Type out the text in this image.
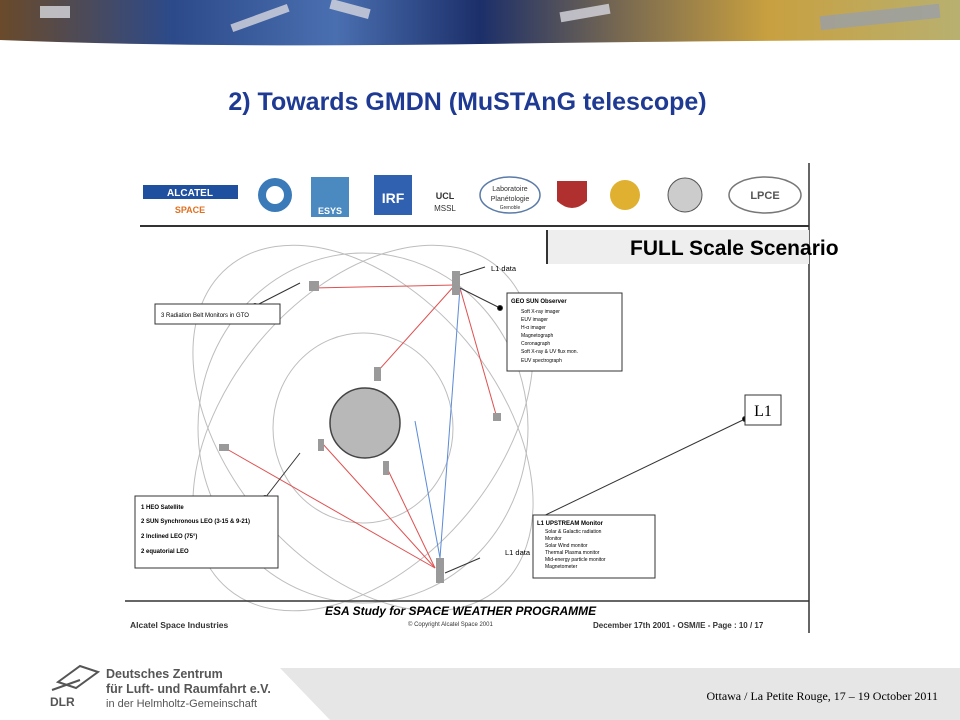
2) Towards GMDN (MuSTAnG telescope)
ALCATEL
SPACE	ESYS
IRF	UCL
MSSL
Laboratoire
Planétologie
Grenoble
LPCE
FULL Scale Scenario
L1 data
L1 data
L1
3 Radiation Belt Monitors in GTO
GEO SUN Observer
Soft X-ray imager
EUV imager
H-α imager
Magnetograph
Coronagraph
Soft X-ray & UV flux mon.
EUV spectrograph
1 HEO Satellite
2 SUN Synchronous LEO (3-15 & 9-21)
2 Inclined LEO (75°)
2 equatorial LEO
L1 UPSTREAM Monitor
Solar & Galactic radiation
Monitor
Solar Wind monitor
Thermal Plasma monitor
Mid-energy particle monitor
Magnetometer
ESA Study for SPACE WEATHER PROGRAMME
Alcatel Space Industries	© Copyright Alcatel Space 2001	December 17th 2001 - OSM/IE - Page : 10 / 17
DLR
Deutsches Zentrum
für Luft- und Raumfahrt e.V.
in der Helmholtz-Gemeinschaft
Ottawa / La Petite Rouge, 17 – 19 October 2011
